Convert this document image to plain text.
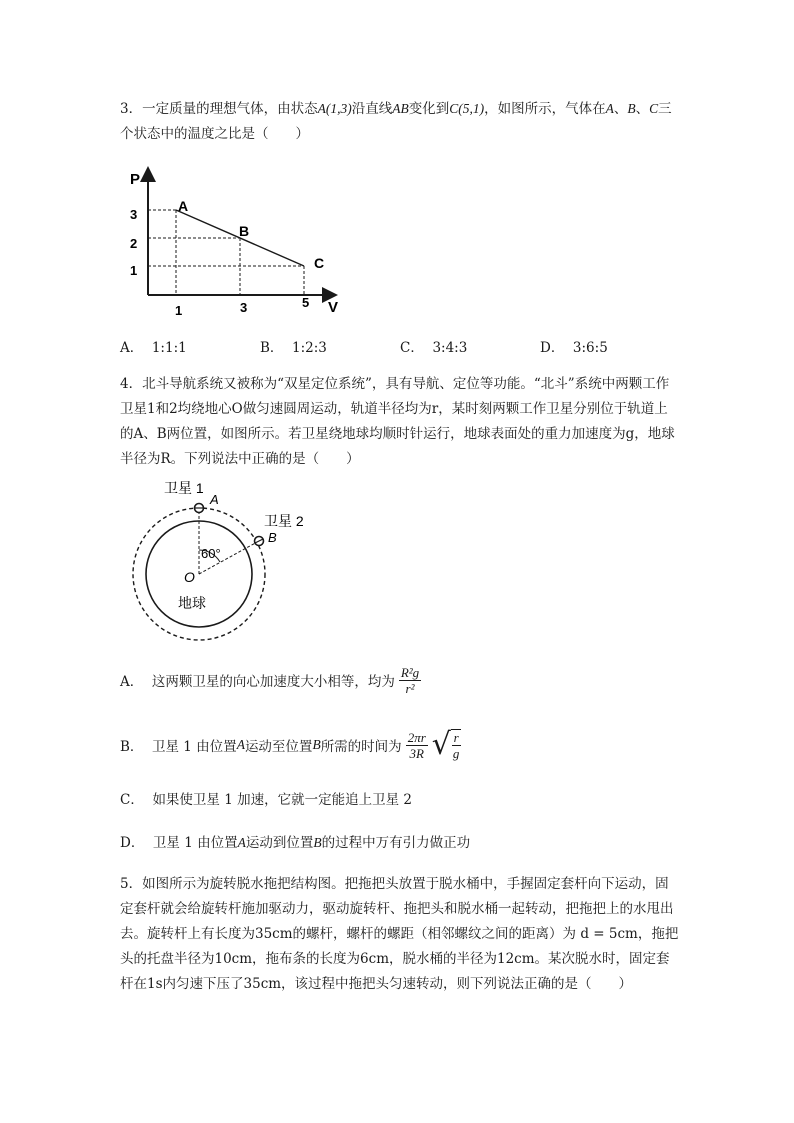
3．一定质量的理想气体，由状态A(1,3)沿直线AB变化到C(5,1)，如图所示，气体在A、B、C三个状态中的温度之比是（　　）
P
V
3
2
1
1	3	5
A
B
C
A． 1:1:1	B． 1:2:3	C． 3:4:3	D． 3:6:5
4．北斗导航系统又被称为“双星定位系统”，具有导航、定位等功能。“北斗”系统中两颗工作卫星1和2均绕地心O做匀速圆周运动，轨道半径均为r，某时刻两颗工作卫星分别位于轨道上的A、B两位置，如图所示。若卫星绕地球均顺时针运行，地球表面处的重力加速度为g，地球半径为R。下列说法中正确的是（　　）
卫星 1
A
卫星 2
B
60°
O
地球
A．
这两颗卫星的向心加速度大小相等，均为 $\frac{\text{R²g}}{\text{r²}}$
B．
卫星 1 由位置 A 运动至位置 B 所需的时间为 $\frac{2\pi r}{3R}$ √ $\frac{r}{g}$
C． 如果使卫星 1 加速，它就一定能追上卫星 2
D． 卫星 1 由位置A运动到位置B的过程中万有引力做正功
5．如图所示为旋转脱水拖把结构图。把拖把头放置于脱水桶中，手握固定套杆向下运动，固定套杆就会给旋转杆施加驱动力，驱动旋转杆、拖把头和脱水桶一起转动，把拖把上的水甩出去。旋转杆上有长度为35cm的螺杆，螺杆的螺距（相邻螺纹之间的距离）为 d = 5cm，拖把头的托盘半径为10cm，拖布条的长度为6cm，脱水桶的半径为12cm。某次脱水时，固定套杆在1s内匀速下压了35cm，该过程中拖把头匀速转动，则下列说法正确的是（　　）
